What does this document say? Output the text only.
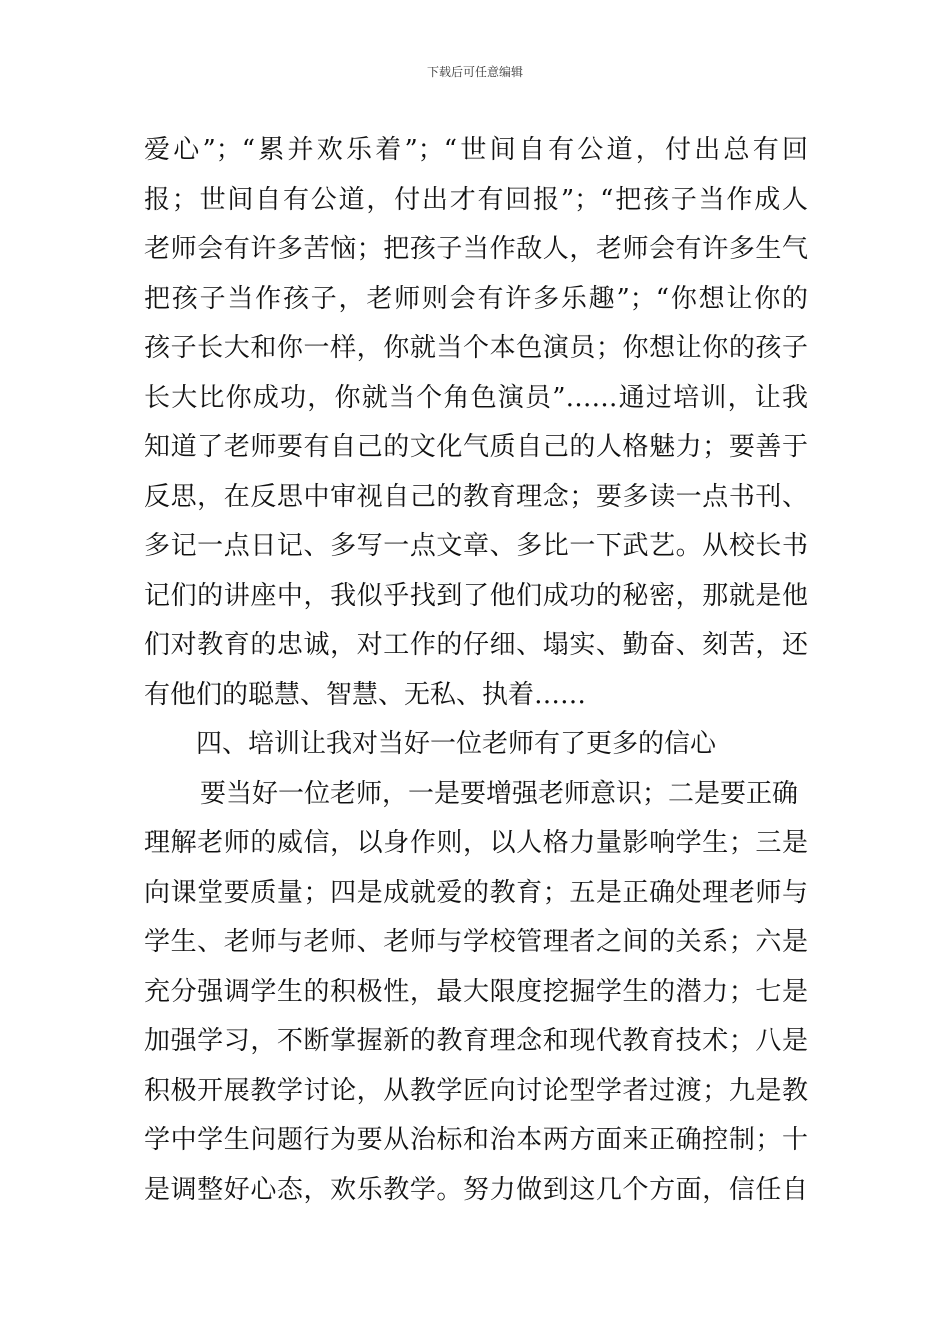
下载后可任意编辑
爱心”；“累并欢乐着”；“世间自有公道，付出总有回
报；世间自有公道，付出才有回报”；“把孩子当作成人
老师会有许多苦恼；把孩子当作敌人，老师会有许多生气
把孩子当作孩子，老师则会有许多乐趣”；“你想让你的
孩子长大和你一样，你就当个本色演员；你想让你的孩子
长大比你成功，你就当个角色演员”……通过培训，让我
知道了老师要有自己的文化气质自己的人格魅力；要善于
反思，在反思中审视自己的教育理念；要多读一点书刊、
多记一点日记、多写一点文章、多比一下武艺。从校长书
记们的讲座中，我似乎找到了他们成功的秘密，那就是他
们对教育的忠诚，对工作的仔细、塌实、勤奋、刻苦，还
有他们的聪慧、智慧、无私、执着……
四、培训让我对当好一位老师有了更多的信心
要当好一位老师，一是要增强老师意识；二是要正确
理解老师的威信，以身作则，以人格力量影响学生；三是
向课堂要质量；四是成就爱的教育；五是正确处理老师与
学生、老师与老师、老师与学校管理者之间的关系；六是
充分强调学生的积极性，最大限度挖掘学生的潜力；七是
加强学习，不断掌握新的教育理念和现代教育技术；八是
积极开展教学讨论，从教学匠向讨论型学者过渡；九是教
学中学生问题行为要从治标和治本两方面来正确控制；十
是调整好心态，欢乐教学。努力做到这几个方面，信任自
